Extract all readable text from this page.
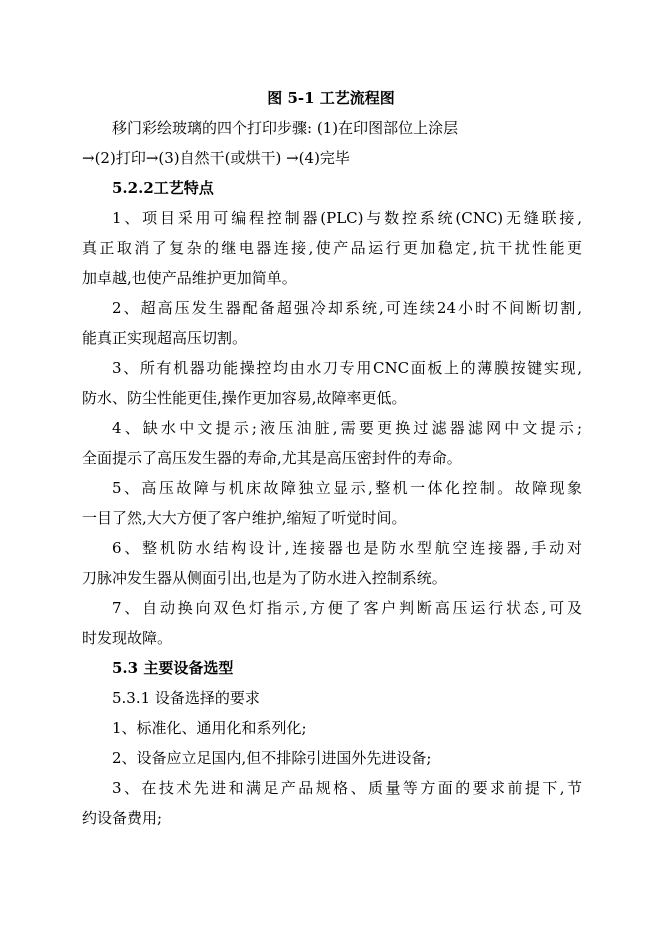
图 5-1 工艺流程图
移门彩绘玻璃的四个打印步骤: (1)在印图部位上涂层
→(2)打印→(3)自然干(或烘干) →(4)完毕
5.2.2工艺特点
1、项目采用可编程控制器(PLC)与数控系统(CNC)无缝联接,
真正取消了复杂的继电器连接,使产品运行更加稳定,抗干扰性能更
加卓越,也使产品维护更加简单。
2、超高压发生器配备超强冷却系统,可连续24小时不间断切割,
能真正实现超高压切割。
3、所有机器功能操控均由水刀专用CNC面板上的薄膜按键实现,
防水、防尘性能更佳,操作更加容易,故障率更低。
4、缺水中文提示;液压油脏,需要更换过滤器滤网中文提示;
全面提示了高压发生器的寿命,尤其是高压密封件的寿命。
5、高压故障与机床故障独立显示,整机一体化控制。故障现象
一目了然,大大方便了客户维护,缩短了听觉时间。
6、整机防水结构设计,连接器也是防水型航空连接器,手动对
刀脉冲发生器从侧面引出,也是为了防水进入控制系统。
7、自动换向双色灯指示,方便了客户判断高压运行状态,可及
时发现故障。
5.3 主要设备选型
5.3.1 设备选择的要求
1、标准化、通用化和系列化;
2、设备应立足国内,但不排除引进国外先进设备;
3、在技术先进和满足产品规格、质量等方面的要求前提下,节
约设备费用;
